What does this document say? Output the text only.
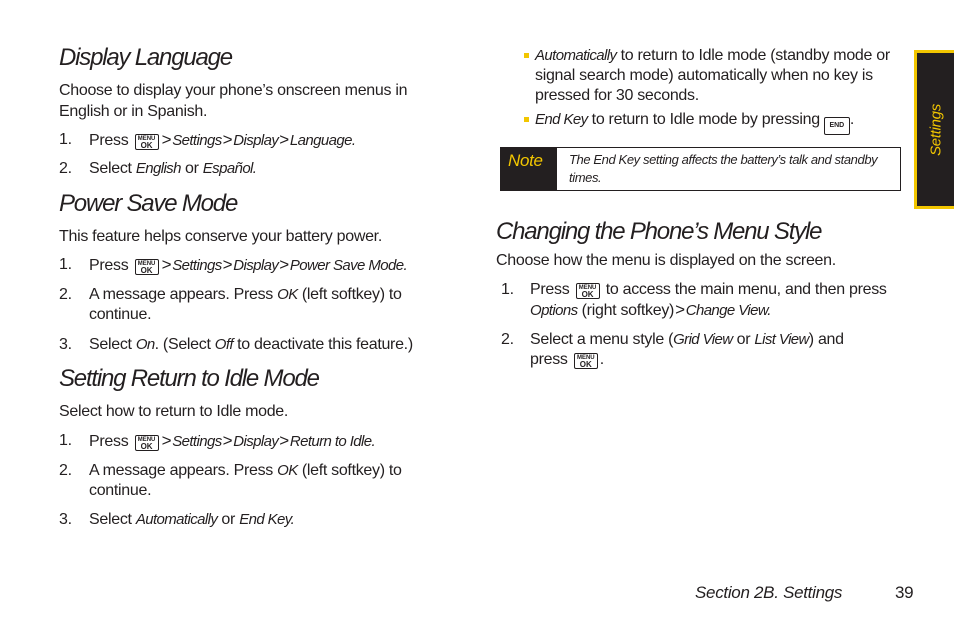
Display Language

Choose to display your phone’s onscreen menus in English or in Spanish.

1. Press MENU
OK >Settings>Display>Language.
2. Select English or Español.
Power Save Mode

This feature helps conserve your battery power.

1. Press MENU
OK >Settings>Display>Power Save Mode.
2. A message appears. Press OK (left softkey) to continue.
3. Select On. (Select Off to deactivate this feature.)
Setting Return to Idle Mode

Select how to return to Idle mode.

1. Press MENU
OK >Settings>Display>Return to Idle.
2. A message appears. Press OK (left softkey) to continue.
3. Select Automatically or End Key.
Automatically to return to Idle mode (standby mode or signal search mode) automatically when no key is pressed for 30 seconds.
End Key to return to Idle mode by pressing END .
Changing the Phone’s Menu Style

Choose how the menu is displayed on the screen.

1. Press MENU
OK to access the main menu, and then press Options (right softkey)>Change View.
2. Select a menu style (Grid View or List View) and press MENU
OK .
Note	The End Key setting affects the battery’s talk and standby times.
Settings
Section 2B. Settings	39
